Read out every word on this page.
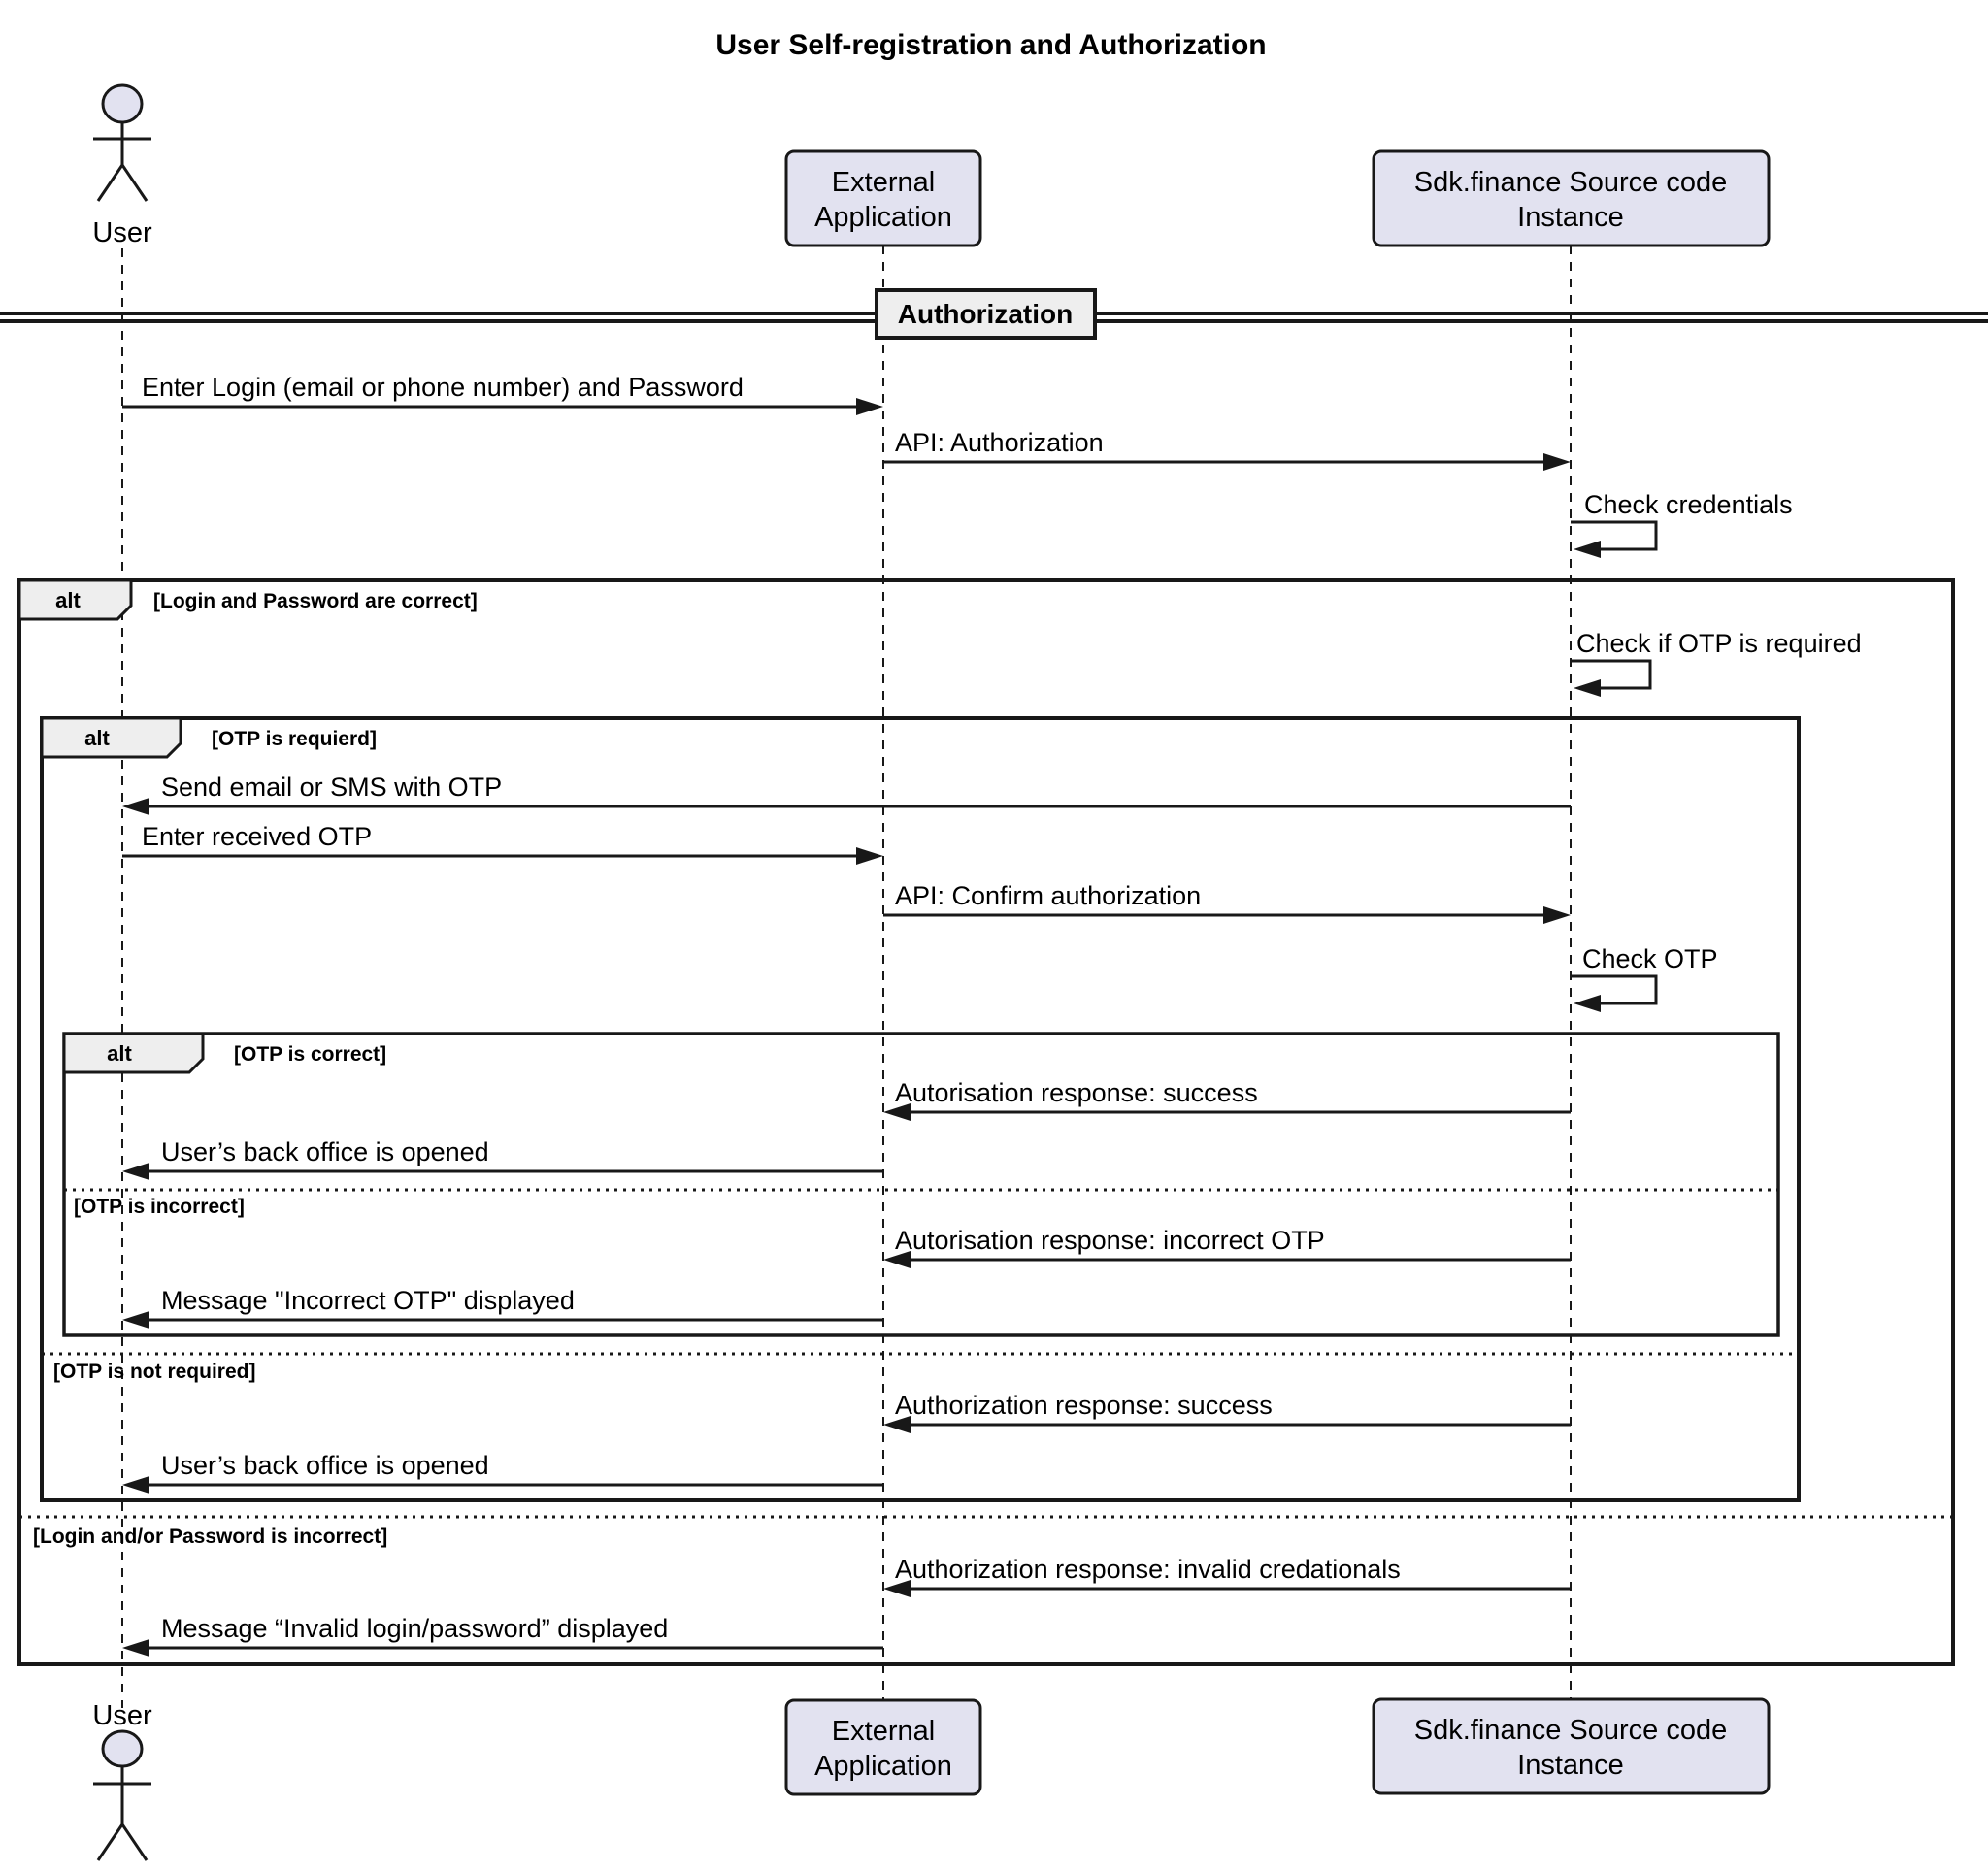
User Self-registration and Authorization
Authorization
alt	[Login and Password are correct]
[Login and/or Password is incorrect]
alt	[OTP is requierd]
[OTP is not required]
alt	[OTP is correct]
[OTP is incorrect]
Enter Login (email or phone number) and Password
API: Authorization
Check credentials
Check if OTP is required
Send email or SMS with OTP
Enter received OTP
API: Confirm authorization
Check OTP
Autorisation response: success
User’s back office is opened
Autorisation response: incorrect OTP
Message "Incorrect OTP" displayed
Authorization response: success
User’s back office is opened
Authorization response: invalid credationals
Message “Invalid login/password” displayed
External
Application
Sdk.finance Source code
Instance
User
External
Application
Sdk.finance Source code
Instance
User
